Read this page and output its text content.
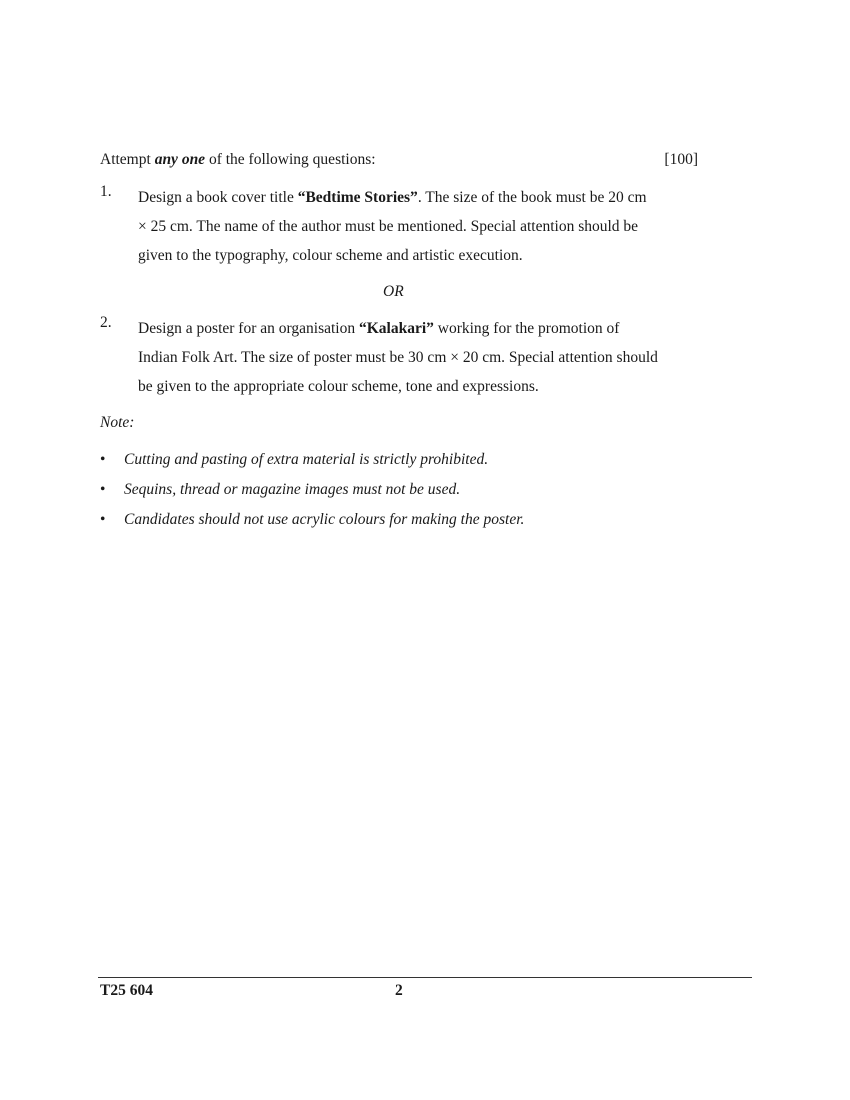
Attempt any one of the following questions:	[100]
1. Design a book cover title “Bedtime Stories”. The size of the book must be 20 cm × 25 cm. The name of the author must be mentioned. Special attention should be given to the typography, colour scheme and artistic execution.
OR
2. Design a poster for an organisation “Kalakari” working for the promotion of Indian Folk Art. The size of poster must be 30 cm × 20 cm. Special attention should be given to the appropriate colour scheme, tone and expressions.
Note:
• Cutting and pasting of extra material is strictly prohibited.
• Sequins, thread or magazine images must not be used.
• Candidates should not use acrylic colours for making the poster.
T25 604	2
